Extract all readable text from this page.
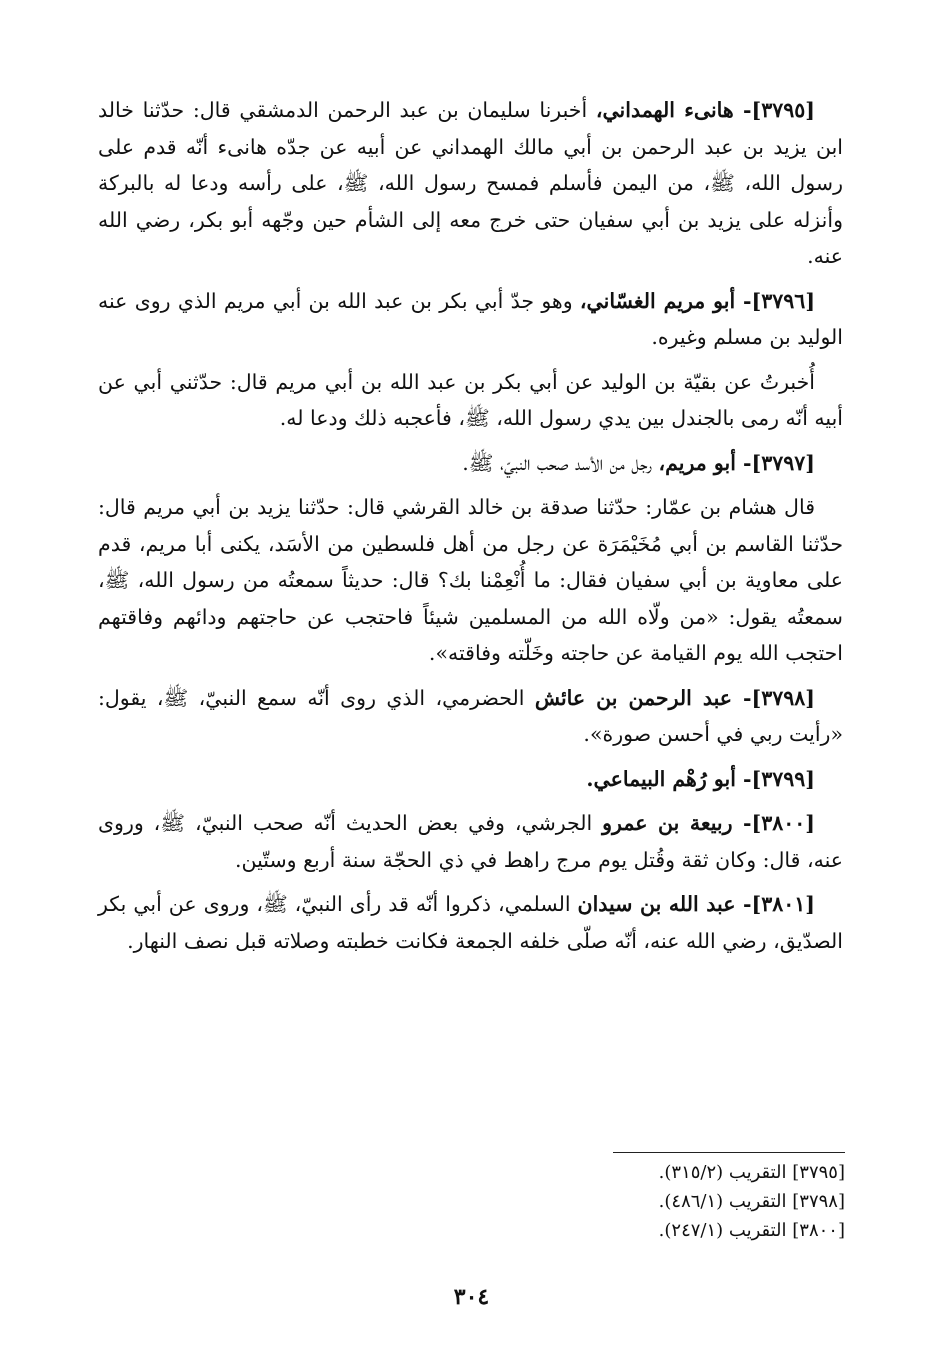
[٣٧٩٥]- هانىء الهمداني، أخبرنا سليمان بن عبد الرحمن الدمشقي قال: حدّثنا خالد ابن يزيد بن عبد الرحمن بن أبي مالك الهمداني عن أبيه عن جدّه هانىء أنّه قدم على رسول الله، ﷺ، من اليمن فأسلم فمسح رسول الله، ﷺ، على رأسه ودعا له بالبركة وأنزله على يزيد بن أبي سفيان حتى خرج معه إلى الشأم حين وجّهه أبو بكر، رضي الله عنه.

[٣٧٩٦]- أبو مريم الغسّاني، وهو جدّ أبي بكر بن عبد الله بن أبي مريم الذي روى عنه الوليد بن مسلم وغيره.

أُخبرتُ عن بقيّة بن الوليد عن أبي بكر بن عبد الله بن أبي مريم قال: حدّثني أبي عن أبيه أنّه رمى بالجندل بين يدي رسول الله، ﷺ، فأعجبه ذلك ودعا له.

[٣٧٩٧]- أبو مريم، رجل من الأسد صحب النبيّ، ﷺ.

قال هشام بن عمّار: حدّثنا صدقة بن خالد القرشي قال: حدّثنا يزيد بن أبي مريم قال: حدّثنا القاسم بن أبي مُخَيْمَرَة عن رجل من أهل فلسطين من الأسَد، يكنى أبا مريم، قدم على معاوية بن أبي سفيان فقال: ما أُنْعِمْنا بك؟ قال: حديثاً سمعتُه من رسول الله، ﷺ، سمعتُه يقول: «من ولّاه الله من المسلمين شيئاً فاحتجب عن حاجتهم ودائهم وفاقتهم احتجب الله يوم القيامة عن حاجته وخَلّته وفاقته».

[٣٧٩٨]- عبد الرحمن بن عائش الحضرمي، الذي روى أنّه سمع النبيّ، ﷺ، يقول: «رأيت ربي في أحسن صورة».

[٣٧٩٩]- أبو رُهْم البيماعي.

[٣٨٠٠]- ربيعة بن عمرو الجرشي، وفي بعض الحديث أنّه صحب النبيّ، ﷺ، وروى عنه، قال: وكان ثقة وقُتل يوم مرج راهط في ذي الحجّة سنة أربع وستّين.

[٣٨٠١]- عبد الله بن سيدان السلمي، ذكروا أنّه قد رأى النبيّ، ﷺ، وروى عن أبي بكر الصدّيق، رضي الله عنه، أنّه صلّى خلفه الجمعة فكانت خطبته وصلاته قبل نصف النهار.

[٣٧٩٥] التقريب (٣١٥/٢).

[٣٧٩٨] التقريب (٤٨٦/١).

[٣٨٠٠] التقريب (٢٤٧/١).

٣٠٤
